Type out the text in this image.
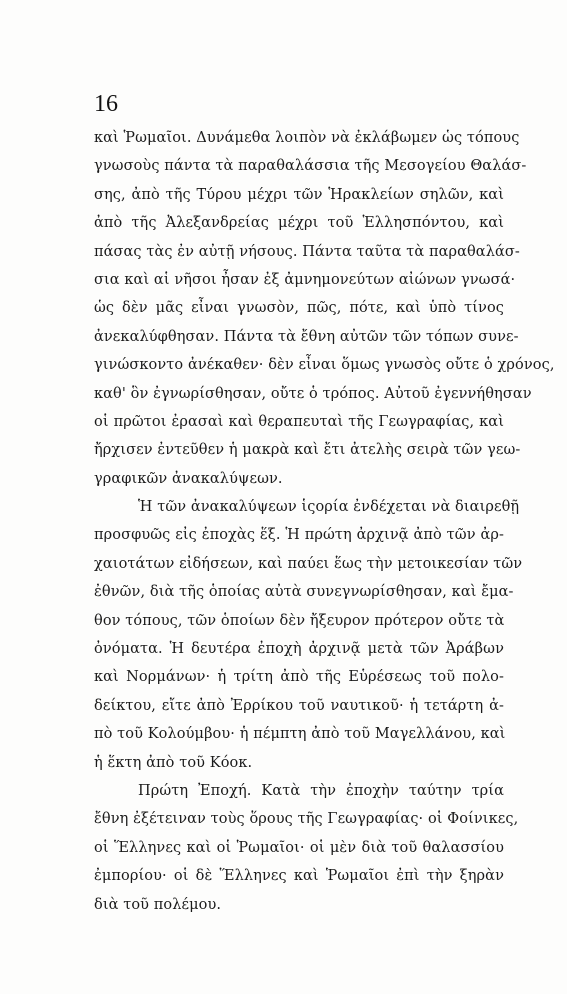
16
καὶ Ῥωμαῖοι. Δυνάμεθα λοιπὸν νὰ ἐκλάβωμεν ὡς τόπους
γνωσοὺς πάντα τὰ παραθαλάσσια τῆς Μεσογείου Θαλάσ-
σης, ἀπὸ τῆς Τύρου μέχρι τῶν Ἡρακλείων σηλῶν, καὶ
ἀπὸ τῆς Ἀλεξανδρείας μέχρι τοῦ Ἑλλησπόντου, καὶ
πάσας τὰς ἐν αὐτῇ νήσους. Πάντα ταῦτα τὰ παραθαλάσ-
σια καὶ αἱ νῆσοι ἦσαν ἐξ ἀμνημονεύτων αἰώνων γνωσά·
ὡς δὲν μᾶς εἶναι γνωσὸν, πῶς, πότε, καὶ ὑπὸ τίνος
ἀνεκαλύφθησαν. Πάντα τὰ ἔθνη αὐτῶν τῶν τόπων συνε-
γινώσκοντο ἀνέκαθεν· δὲν εἶναι ὅμως γνωσὸς οὔτε ὁ χρόνος,
καθ' ὃν ἐγνωρίσθησαν, οὔτε ὁ τρόπος. Αὐτοῦ ἐγεννήθησαν
οἱ πρῶτοι ἐρασαὶ καὶ θεραπευταὶ τῆς Γεωγραφίας, καὶ
ἤρχισεν ἐντεῦθεν ἡ μακρὰ καὶ ἔτι ἀτελὴς σειρὰ τῶν γεω-
γραφικῶν ἀνακαλύψεων.
Ἡ τῶν ἀνακαλύψεων ἱςορία ἐνδέχεται νὰ διαιρεθῇ
προσφυῶς εἰς ἐποχὰς ἕξ. Ἡ πρώτη ἀρχινᾷ ἀπὸ τῶν ἀρ-
χαιοτάτων εἰδήσεων, καὶ παύει ἕως τὴν μετοικεσίαν τῶν
ἐθνῶν, διὰ τῆς ὁποίας αὐτὰ συνεγνωρίσθησαν, καὶ ἔμα-
θον τόπους, τῶν ὁποίων δὲν ἤξευρον πρότερον οὔτε τὰ
ὀνόματα. Ἡ δευτέρα ἐποχὴ ἀρχινᾷ μετὰ τῶν Ἀράβων
καὶ Νορμάνων· ἡ τρίτη ἀπὸ τῆς Εὑρέσεως τοῦ πολο-
δείκτου, εἴτε ἀπὸ Ἐρρίκου τοῦ ναυτικοῦ· ἡ τετάρτη ἀ-
πὸ τοῦ Κολούμβου· ἡ πέμπτη ἀπὸ τοῦ Μαγελλάνου, καὶ
ἡ ἕκτη ἀπὸ τοῦ Κόοκ.
Πρώτη Ἐποχή. Κατὰ τὴν ἐποχὴν ταύτην τρία
ἔθνη ἐξέτειναν τοὺς ὅρους τῆς Γεωγραφίας· οἱ Φοίνικες,
οἱ Ἕλληνες καὶ οἱ Ῥωμαῖοι· οἱ μὲν διὰ τοῦ θαλασσίου
ἐμπορίου· οἱ δὲ Ἕλληνες καὶ Ῥωμαῖοι ἐπὶ τὴν ξηρὰν
διὰ τοῦ πολέμου.
